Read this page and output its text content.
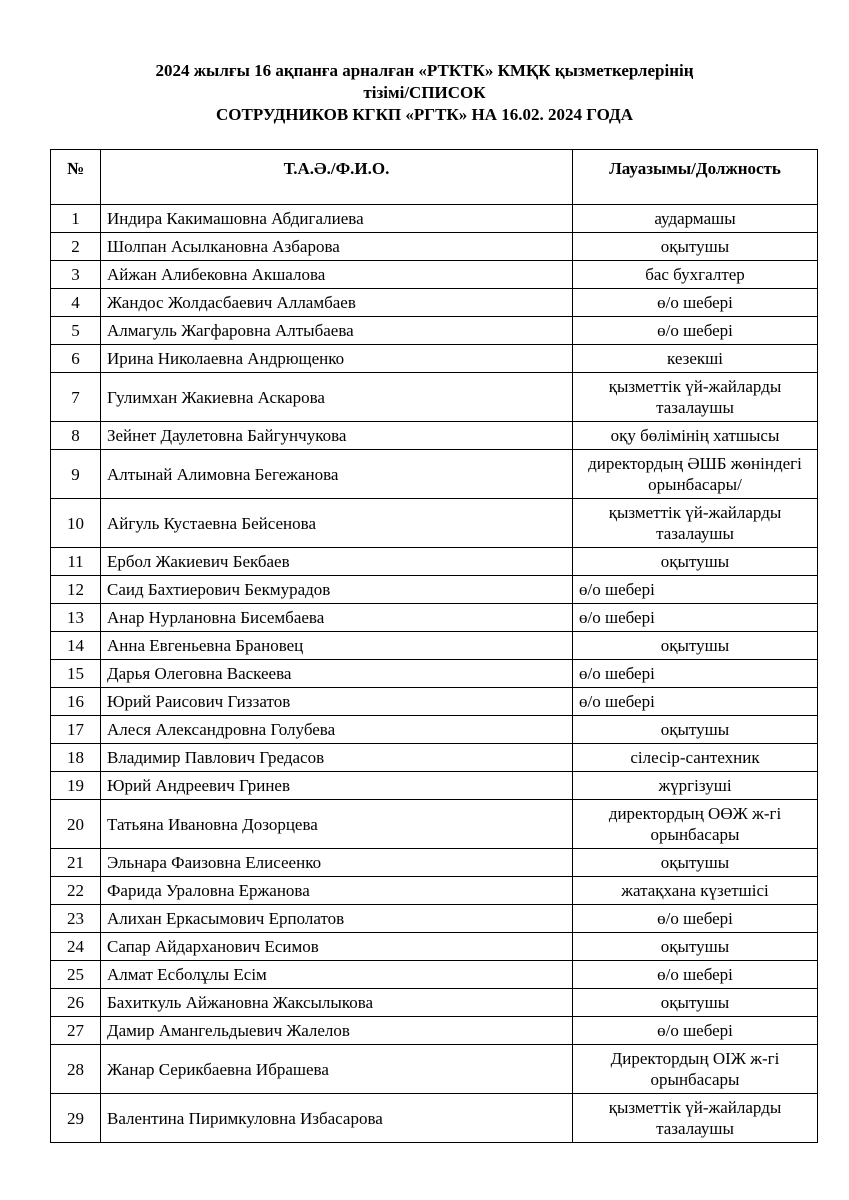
2024 жылғы 16 ақпанға арналған «РТКТК» КМҚК қызметкерлерінің
тізімі/СПИСОК
СОТРУДНИКОВ КГКП «РГТК» НА 16.02. 2024 ГОДА
№	Т.А.Ә./Ф.И.О.	Лауазымы/Должность
1	Индира Какимашовна Абдигалиева	аудармашы
2	Шолпан Асылкановна Азбарова	оқытушы
3	Айжан Алибековна Акшалова	бас бухгалтер
4	Жандос Жолдасбаевич Алламбаев	ө/о шеберi
5	Алмагуль Жагфаровна Алтыбаева	ө/о шеберi
6	Ирина Николаевна Андрющенко	кезекші
7	Гулимхан Жакиевна Аскарова	қызметтік үй-жайларды тазалаушы
8	Зейнет Даулетовна Байгунчукова	оқу бөлімінің хатшысы
9	Алтынай Алимовна Бегежанова	директордың ӘШБ жөніндегі орынбасары/
10	Айгуль Кустаевна Бейсенова	қызметтік үй-жайларды тазалаушы
11	Ербол Жакиевич Бекбаев	оқытушы
12	Саид Бахтиерович Бекмурадов	ө/о шеберi
13	Анар Нурлановна Бисембаева	ө/о шеберi
14	Анна Евгеньевна Брановец	оқытушы
15	Дарья Олеговна Васкеева	ө/о шеберi
16	Юрий Раисович Гиззатов	ө/о шеберi
17	Алеся Александровна Голубева	оқытушы
18	Владимир Павлович Гредасов	сілесір-сантехник
19	Юрий Андреевич Гринев	жүргізуші
20	Татьяна Ивановна Дозорцева	директордың ОӨЖ ж-гі орынбасары
21	Эльнара Фаизовна Елисеенко	оқытушы
22	Фарида Ураловна Ержанова	жатақхана күзетшісі
23	Алихан Еркасымович Ерполатов	ө/о шеберi
24	Сапар Айдарханович Есимов	оқытушы
25	Алмат Есболұлы Есім	ө/о шеберi
26	Бахиткуль Айжановна Жаксылыкова	оқытушы
27	Дамир Амангельдыевич Жалелов	ө/о шеберi
28	Жанар Серикбаевна Ибрашева	Директордың ОІЖ ж-гі орынбасары
29	Валентина Пиримкуловна Избасарова	қызметтік үй-жайларды тазалаушы
